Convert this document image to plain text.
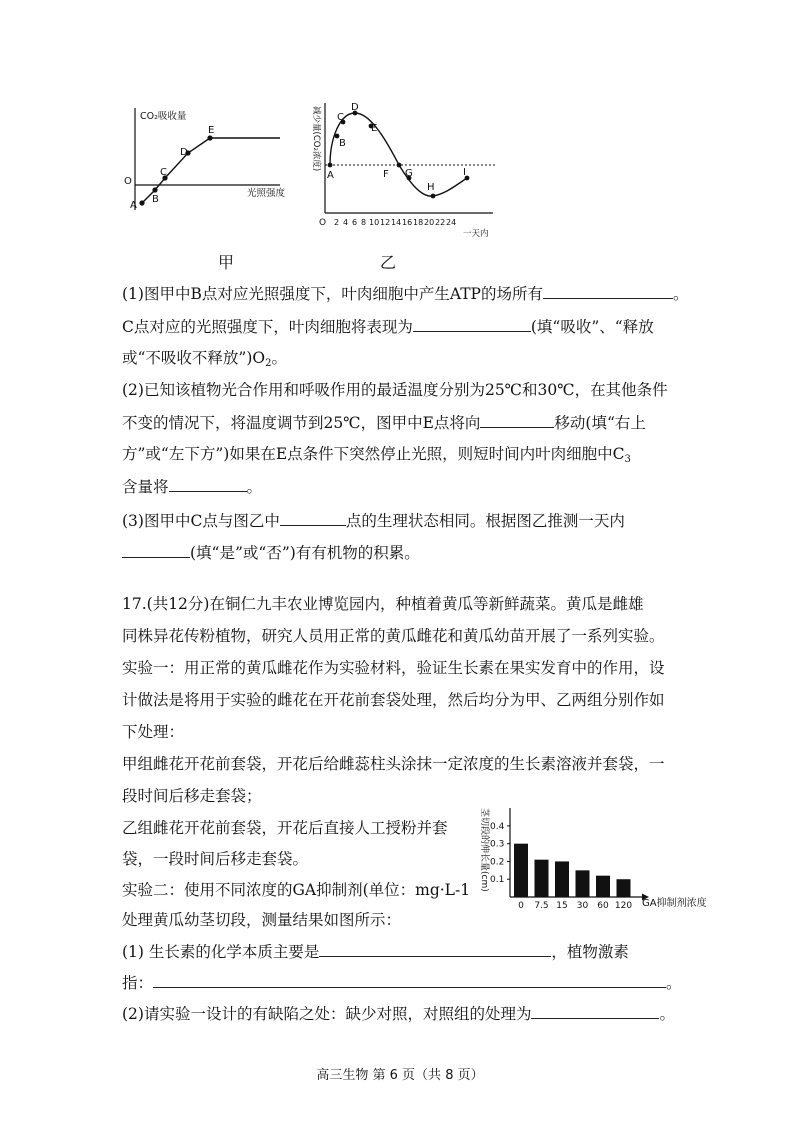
CO₂吸收量
光照强度
O
A
B
C
D
E
甲
减少量(CO₂浓度)
A
B
C
D
E
F G
H
I
O 2 4 6 8 10 12 14 16 18 20 22 24
一天内
乙
(1)图甲中B点对应光照强度下，叶肉细胞中产生ATP的场所有	。
C点对应的光照强度下，叶肉细胞将表现为	(填“吸收”、“释放
或“不吸收不释放$”)O_2$。
(2)已知该植物光合作用和呼吸作用的最适温度分别为25℃和30℃，在其他条件
不变的情况下，将温度调节到25℃，图甲中E点将向	移动(填“右上
方”或“左下方”)如果在E点条件下突然停止光照，则短时间内叶肉细胞中$C_3$
含量将	。
(3)图甲中C点与图乙中	点的生理状态相同。根据图乙推测一天内
(填“是”或“否”)有有机物的积累。
17.(共12分)在铜仁九丰农业博览园内，种植着黄瓜等新鲜蔬菜。黄瓜是雌雄
同株异花传粉植物，研究人员用正常的黄瓜雌花和黄瓜幼苗开展了一系列实验。
实验一：用正常的黄瓜雌花作为实验材料，验证生长素在果实发育中的作用，设
计做法是将用于实验的雌花在开花前套袋处理，然后均分为甲、乙两组分别作如
下处理：
甲组雌花开花前套袋，开花后给雌蕊柱头涂抹一定浓度的生长素溶液并套袋，一
段时间后移走套袋；
乙组雌花开花前套袋，开花后直接人工授粉并套
袋，一段时间后移走套袋。
实验二：使用不同浓度的GA抑制剂(单位：mg·L-1
处理黄瓜幼茎切段，测量结果如图所示：
0.1
0.2
0.3
0.4
0 7.5 15 30 60 120
茎切段的伸长量(cm)
GA抑制剂浓度
(1) 生长素的化学本质主要是	，植物激素
指：	。
(2)请实验一设计的有缺陷之处：缺少对照，对照组的处理为	。
高三生物 第 6 页（共 8 页）
